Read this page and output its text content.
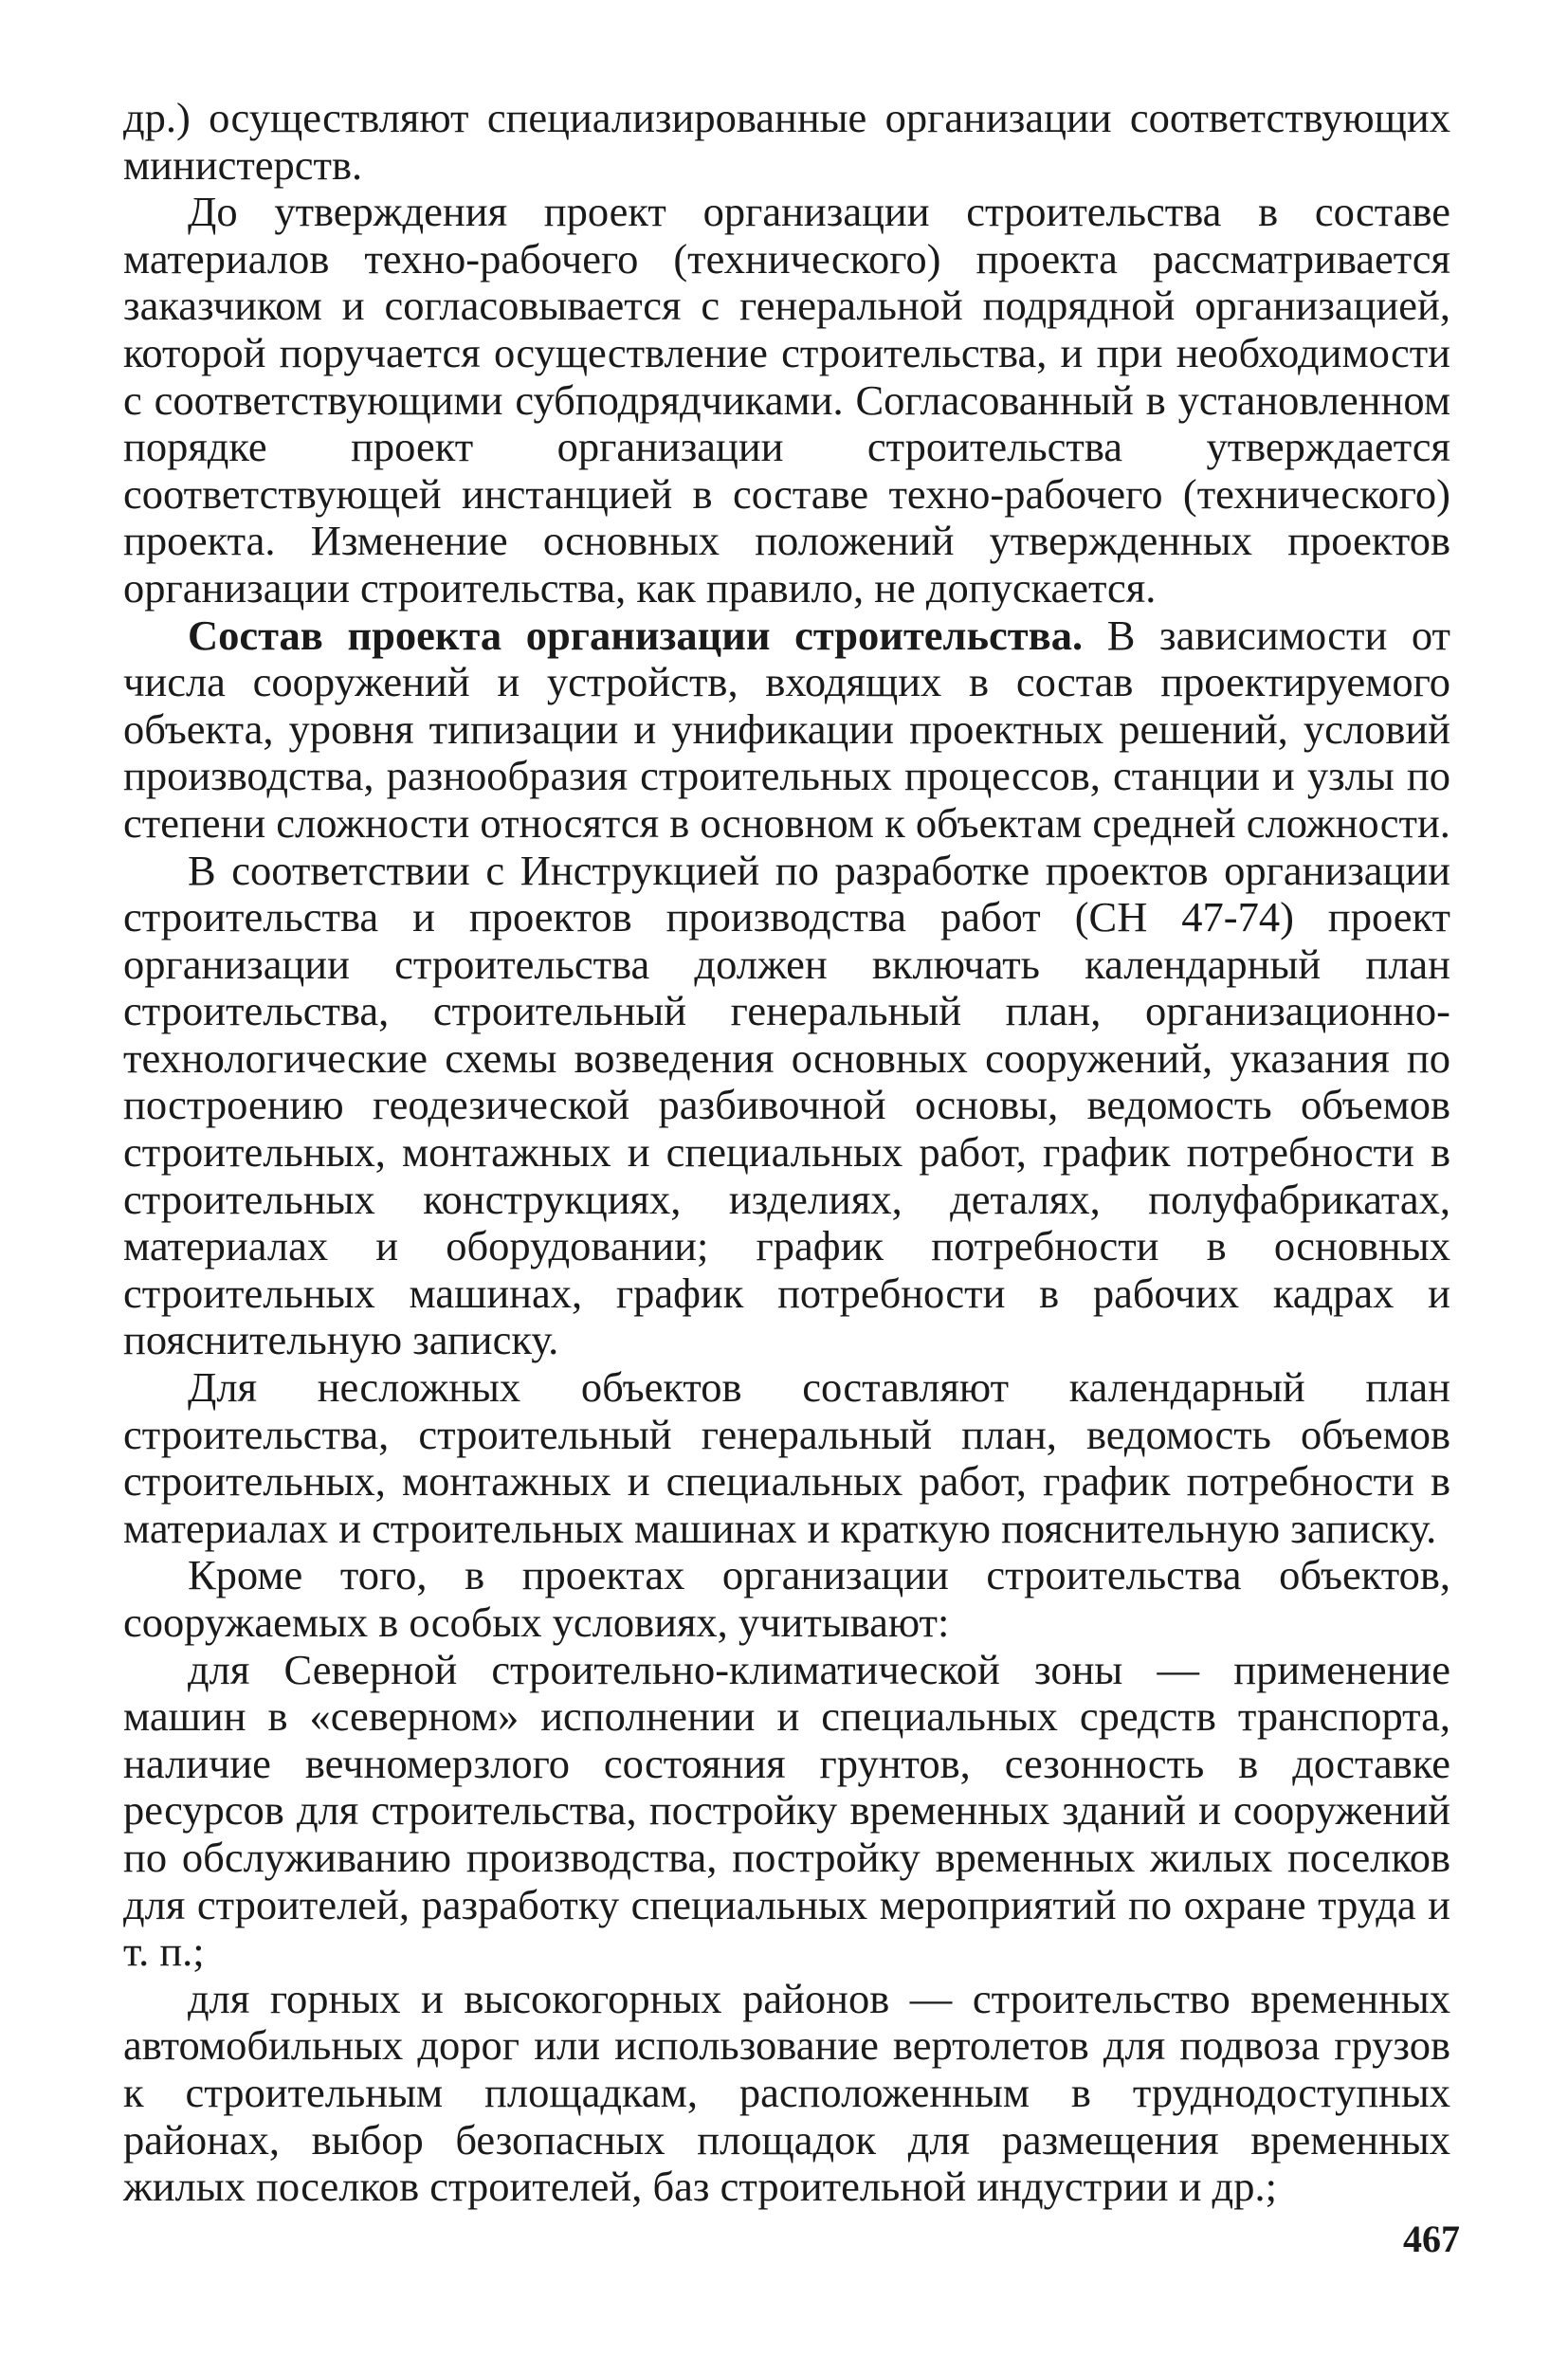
др.) осуществляют специализированные организации соответствующих министерств.

До утверждения проект организации строительства в составе материалов техно-рабочего (технического) проекта рассматривается заказчиком и согласовывается с генеральной подрядной организацией, которой поручается осуществление строительства, и при необходимости с соответствующими субподрядчиками. Согласованный в установленном порядке проект организации строительства утверждается соответствующей инстанцией в составе техно-рабочего (технического) проекта. Изменение основных положений утвержденных проектов организации строительства, как правило, не допускается.

Состав проекта организации строительства. В зависимости от числа сооружений и устройств, входящих в состав проектируемого объекта, уровня типизации и унификации проектных решений, условий производства, разнообразия строительных процессов, станции и узлы по степени сложности относятся в основном к объектам средней сложности.

В соответствии с Инструкцией по разработке проектов организации строительства и проектов производства работ (СН 47-74) проект организации строительства должен включать календарный план строительства, строительный генеральный план, организационно-технологические схемы возведения основных сооружений, указания по построению геодезической разбивочной основы, ведомость объемов строительных, монтажных и специальных работ, график потребности в строительных конструкциях, изделиях, деталях, полуфабрикатах, материалах и оборудовании; график потребности в основных строительных машинах, график потребности в рабочих кадрах и пояснительную записку.

Для несложных объектов составляют календарный план строительства, строительный генеральный план, ведомость объемов строительных, монтажных и специальных работ, график потребности в материалах и строительных машинах и краткую пояснительную записку.

Кроме того, в проектах организации строительства объектов, сооружаемых в особых условиях, учитывают:

для Северной строительно-климатической зоны — применение машин в «северном» исполнении и специальных средств транспорта, наличие вечномерзлого состояния грунтов, сезонность в доставке ресурсов для строительства, постройку временных зданий и сооружений по обслуживанию производства, постройку временных жилых поселков для строителей, разработку специальных мероприятий по охране труда и т. п.;

для горных и высокогорных районов — строительство временных автомобильных дорог или использование вертолетов для подвоза грузов к строительным площадкам, расположенным в труднодоступных районах, выбор безопасных площадок для размещения временных жилых поселков строителей, баз строительной индустрии и др.;

467
